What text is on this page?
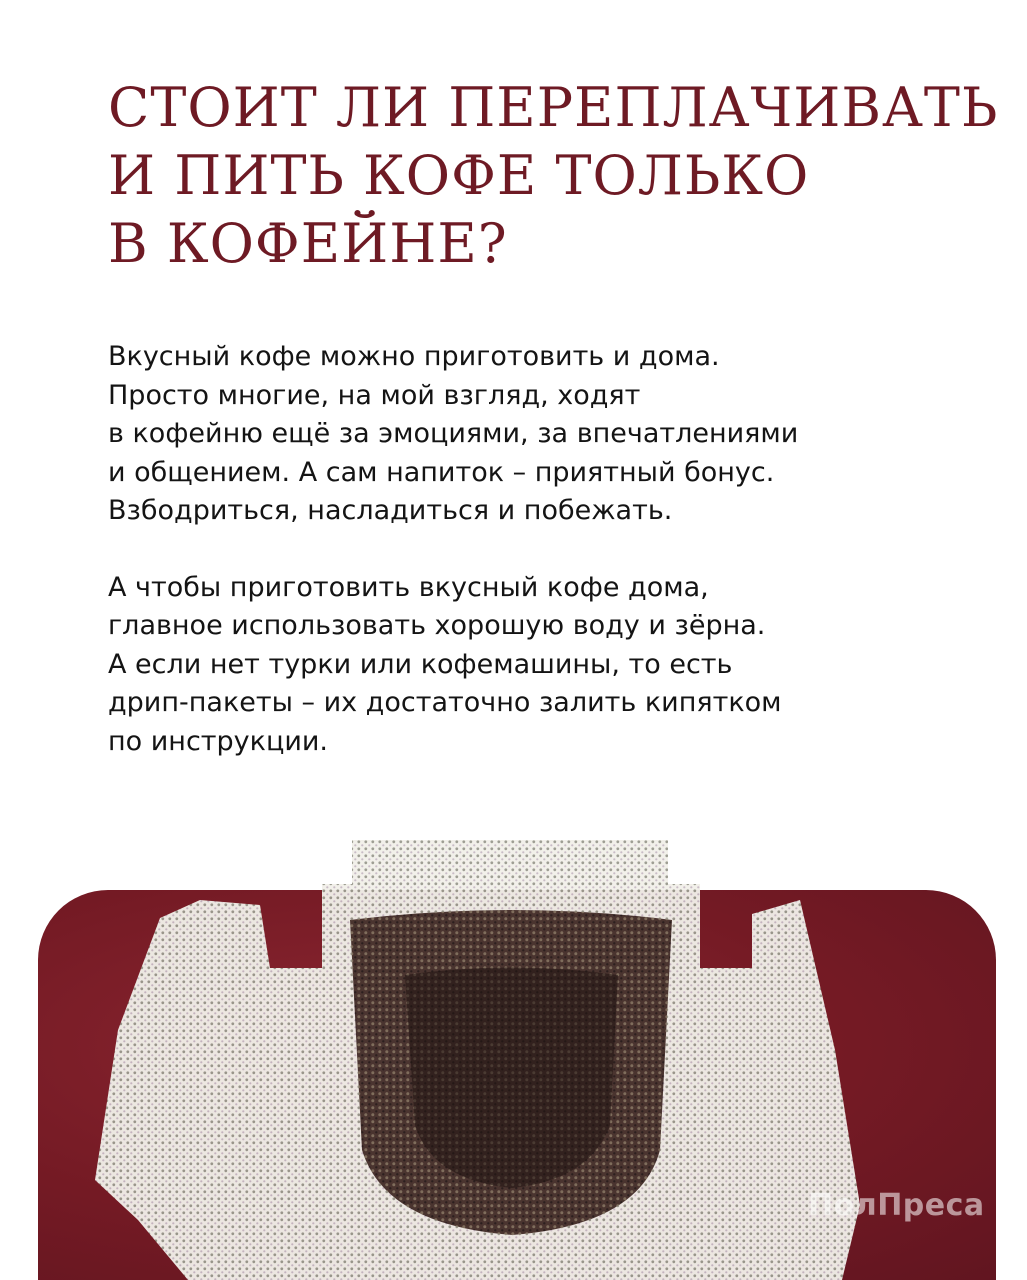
СТОИТ ЛИ ПЕРЕПЛАЧИВАТЬ
И ПИТЬ КОФЕ ТОЛЬКО
В КОФЕЙНЕ?

Вкусный кофе можно приготовить и дома.
Просто многие, на мой взгляд, ходят
в кофейню ещё за эмоциями, за впечатлениями
и общением. А сам напиток – приятный бонус.
Взбодриться, насладиться и побежать.

А чтобы приготовить вкусный кофе дома,
главное использовать хорошую воду и зёрна.
А если нет турки или кофемашины, то есть
дрип-пакеты – их достаточно залить кипятком
по инструкции.

ПолПреса
